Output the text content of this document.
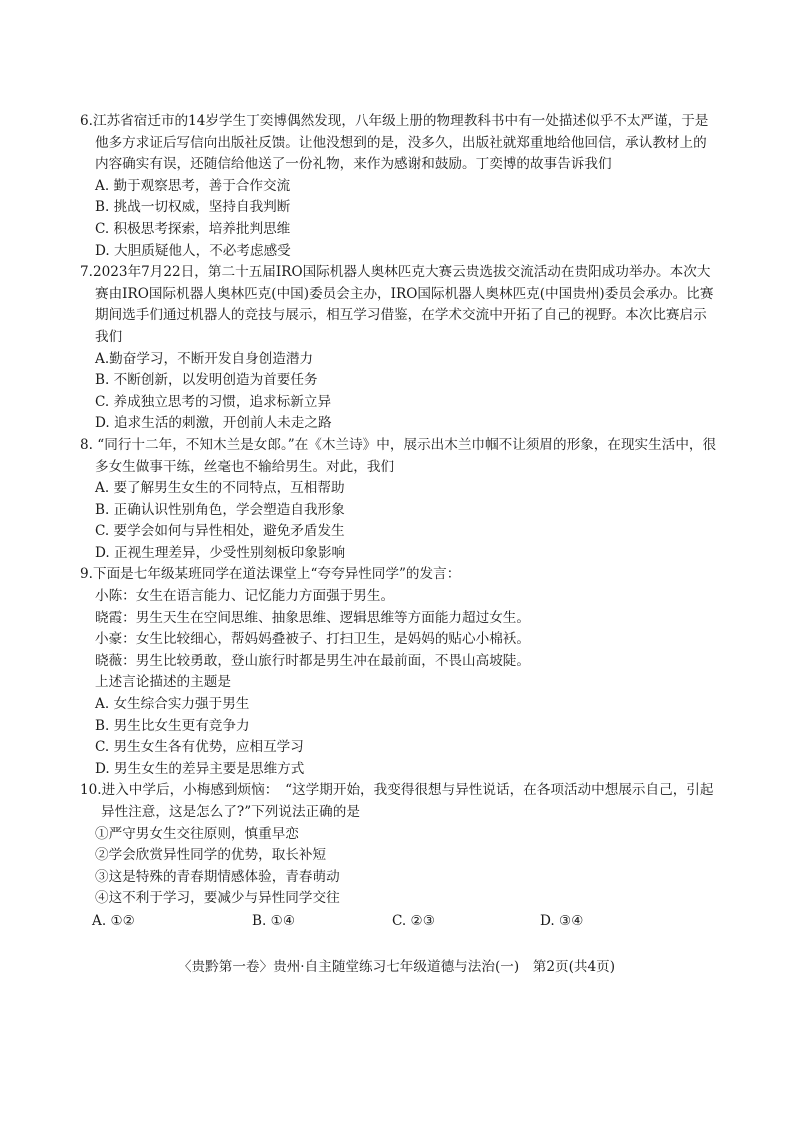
6.江苏省宿迁市的14岁学生丁奕博偶然发现，八年级上册的物理教科书中有一处描述似乎不太严谨，于是他多方求证后写信向出版社反馈。让他没想到的是，没多久，出版社就郑重地给他回信，承认教材上的内容确实有误，还随信给他送了一份礼物，来作为感谢和鼓励。丁奕博的故事告诉我们

A. 勤于观察思考，善于合作交流

B. 挑战一切权威，坚持自我判断

C. 积极思考探索，培养批判思维

D. 大胆质疑他人，不必考虑感受

7.2023年7月22日，第二十五届IRO国际机器人奥林匹克大赛云贵选拔交流活动在贵阳成功举办。本次大赛由IRO国际机器人奥林匹克(中国)委员会主办，IRO国际机器人奥林匹克(中国贵州)委员会承办。比赛期间选手们通过机器人的竞技与展示，相互学习借鉴，在学术交流中开拓了自己的视野。本次比赛启示我们

A.勤奋学习，不断开发自身创造潜力

B. 不断创新，以发明创造为首要任务

C. 养成独立思考的习惯，追求标新立异

D. 追求生活的刺激，开创前人未走之路

8. “同行十二年，不知木兰是女郎。”在《木兰诗》中，展示出木兰巾帼不让须眉的形象，在现实生活中，很多女生做事干练，丝毫也不输给男生。对此，我们

A. 要了解男生女生的不同特点，互相帮助

B. 正确认识性别角色，学会塑造自我形象

C. 要学会如何与异性相处，避免矛盾发生

D. 正视生理差异，少受性别刻板印象影响

9.下面是七年级某班同学在道法课堂上“夸夸异性同学”的发言：

小陈：女生在语言能力、记忆能力方面强于男生。

晓霞：男生天生在空间思维、抽象思维、逻辑思维等方面能力超过女生。

小豪：女生比较细心，帮妈妈叠被子、打扫卫生，是妈妈的贴心小棉袄。

晓薇：男生比较勇敢，登山旅行时都是男生冲在最前面，不畏山高坡陡。

上述言论描述的主题是

A. 女生综合实力强于男生

B. 男生比女生更有竞争力

C. 男生女生各有优势，应相互学习

D. 男生女生的差异主要是思维方式

10.进入中学后，小梅感到烦恼：　“这学期开始，我变得很想与异性说话，在各项活动中想展示自己，引起异性注意，这是怎么了?”下列说法正确的是

①严守男女生交往原则，慎重早恋

②学会欣赏异性同学的优势，取长补短

③这是特殊的青春期情感体验，青春萌动

④这不利于学习，要减少与异性同学交往

A. ①②	B. ①④	C. ②③	D. ③④
〈贵黔第一卷〉贵州·自主随堂练习七年级道德与法治(一)　第2页(共4页)
